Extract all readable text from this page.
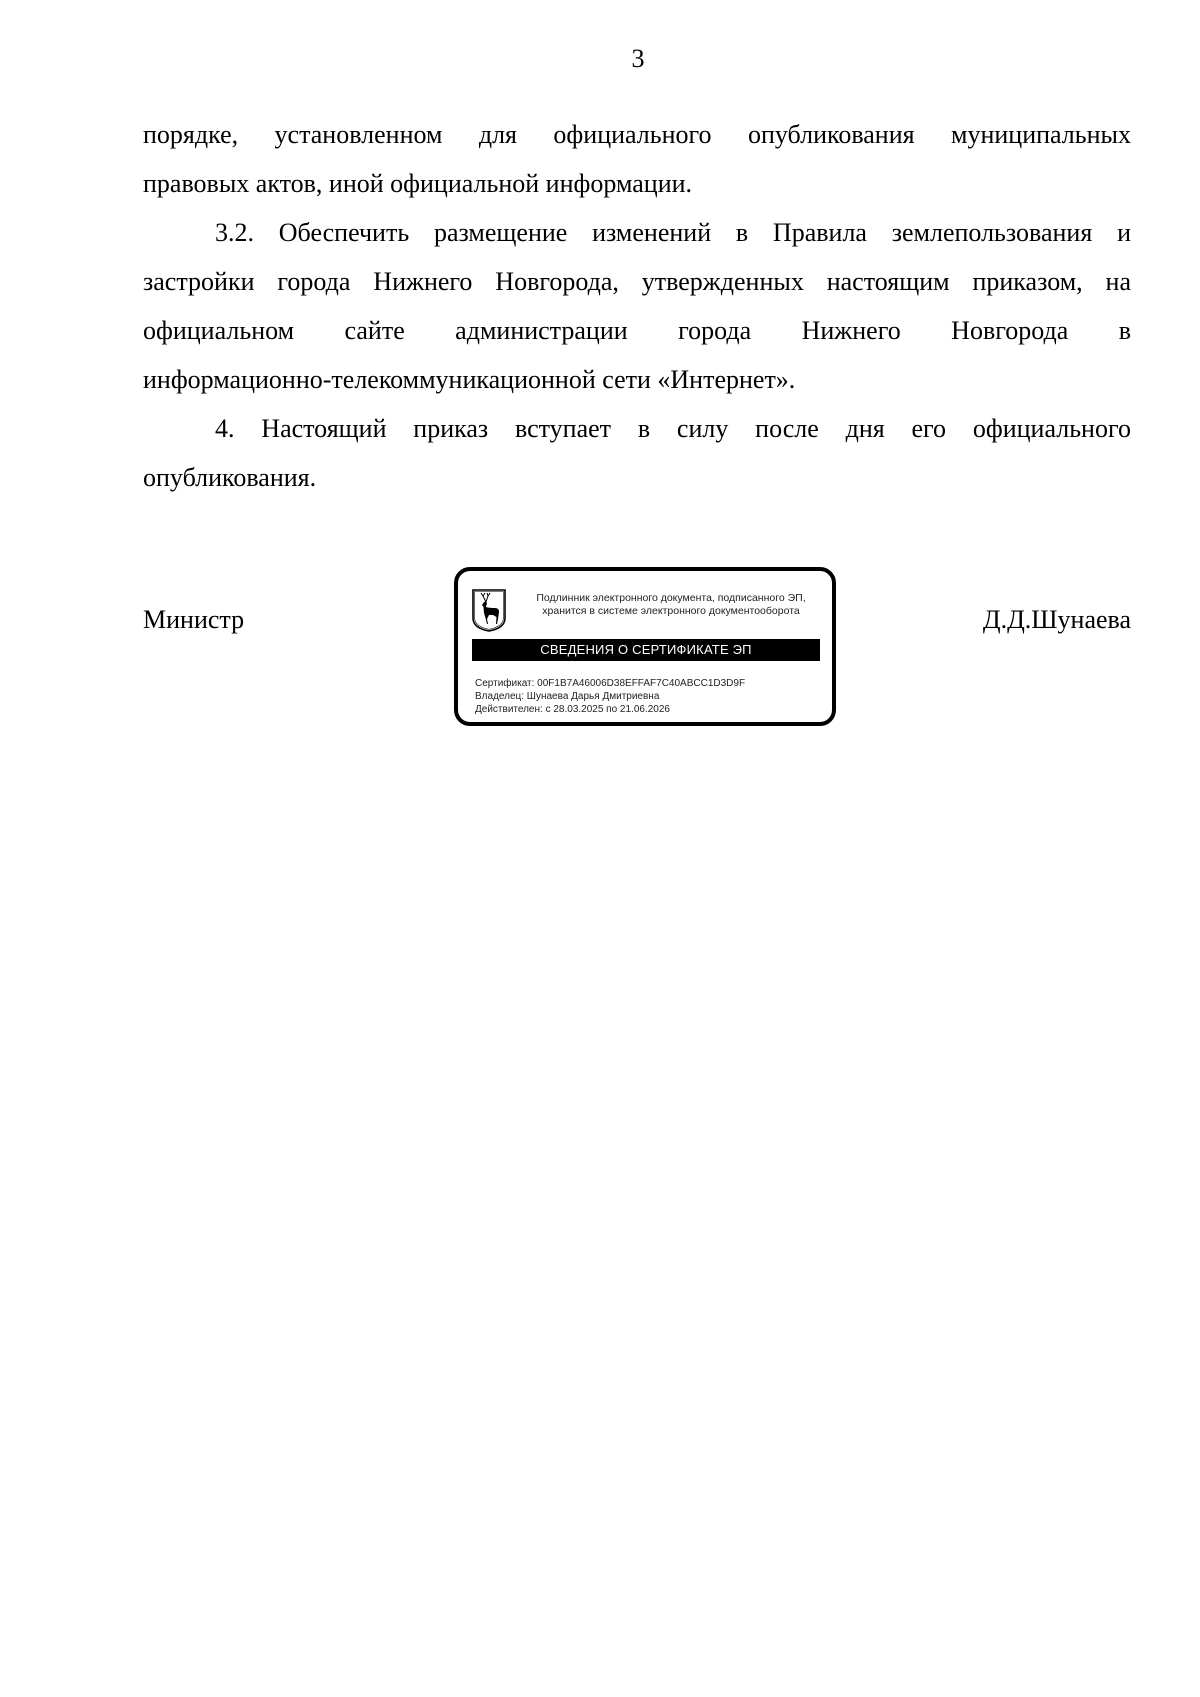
3

порядке, установленном для официального опубликования муниципальных

правовых актов, иной официальной информации.

3.2. Обеспечить размещение изменений в Правила землепользования и

застройки города Нижнего Новгорода, утвержденных настоящим приказом, на

официальном сайте администрации города Нижнего Новгорода в

информационно-телекоммуникационной сети «Интернет».

4. Настоящий приказ вступает в силу после дня его официального

опубликования.

Министр	Д.Д.Шунаева
Подлинник электронного документа, подписанного ЭП,
хранится в системе электронного документооборота
СВЕДЕНИЯ О СЕРТИФИКАТЕ ЭП
Сертификат: 00F1B7A46006D38EFFAF7C40ABCC1D3D9F
Владелец: Шунаева Дарья Дмитриевна
Действителен: с 28.03.2025 по 21.06.2026
